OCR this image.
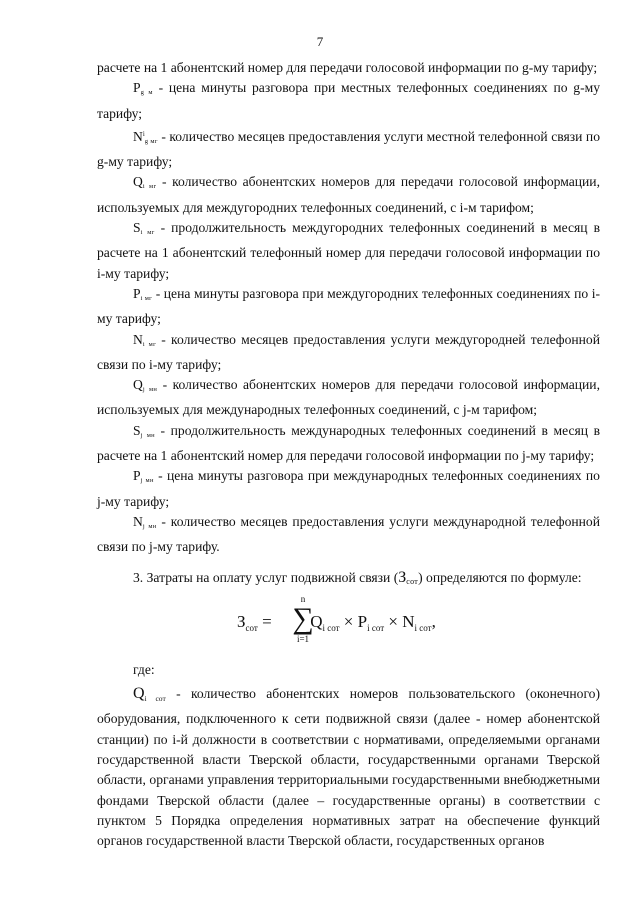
7

расчете на 1 абонентский номер для передачи голосовой информации по g-му тарифу;

$P_{g м}$ - цена минуты разговора при местных телефонных соединениях по g-му тарифу;

$N^i_{g мг}$ - количество месяцев предоставления услуги местной телефонной связи по g-му тарифу;

$Q_{i мг}$ - количество абонентских номеров для передачи голосовой информации, используемых для междугородних телефонных соединений, с i-м тарифом;

$S_{i мг}$ - продолжительность междугородних телефонных соединений в месяц в расчете на 1 абонентский телефонный номер для передачи голосовой информации по i-му тарифу;

$P_{i мг}$ - цена минуты разговора при междугородних телефонных соединениях по i-му тарифу;

$N_{i мг}$ - количество месяцев предоставления услуги междугородней телефонной связи по i-му тарифу;

$Q_{j мн}$ - количество абонентских номеров для передачи голосовой информации, используемых для международных телефонных соединений, с j-м тарифом;

$S_{j мн}$ - продолжительность международных телефонных соединений в месяц в расчете на 1 абонентский номер для передачи голосовой информации по j-му тарифу;

$P_{j мн}$ - цена минуты разговора при международных телефонных соединениях по j-му тарифу;

$N_{j мн}$ - количество месяцев предоставления услуги международной телефонной связи по j-му тарифу.

3. Затраты на оплату услуг подвижной связи $(З_{сот})$ определяются по формуле:

$З_{сот} = Q_{i сот} \times P_{i сот} \times N_{i сот}$,
n
∑
i=1

где:

Qi сот - количество абонентских номеров пользовательского (оконечного) оборудования, подключенного к сети подвижной связи (далее - номер абонентской станции) по i-й должности в соответствии с нормативами, определяемыми органами государственной власти Тверской области, государственными органами Тверской области, органами управления территориальными государственными внебюджетными фондами Тверской области (далее – государственные органы) в соответствии с пунктом 5 Порядка определения нормативных затрат на обеспечение функций органов государственной власти Тверской области, государственных органов
